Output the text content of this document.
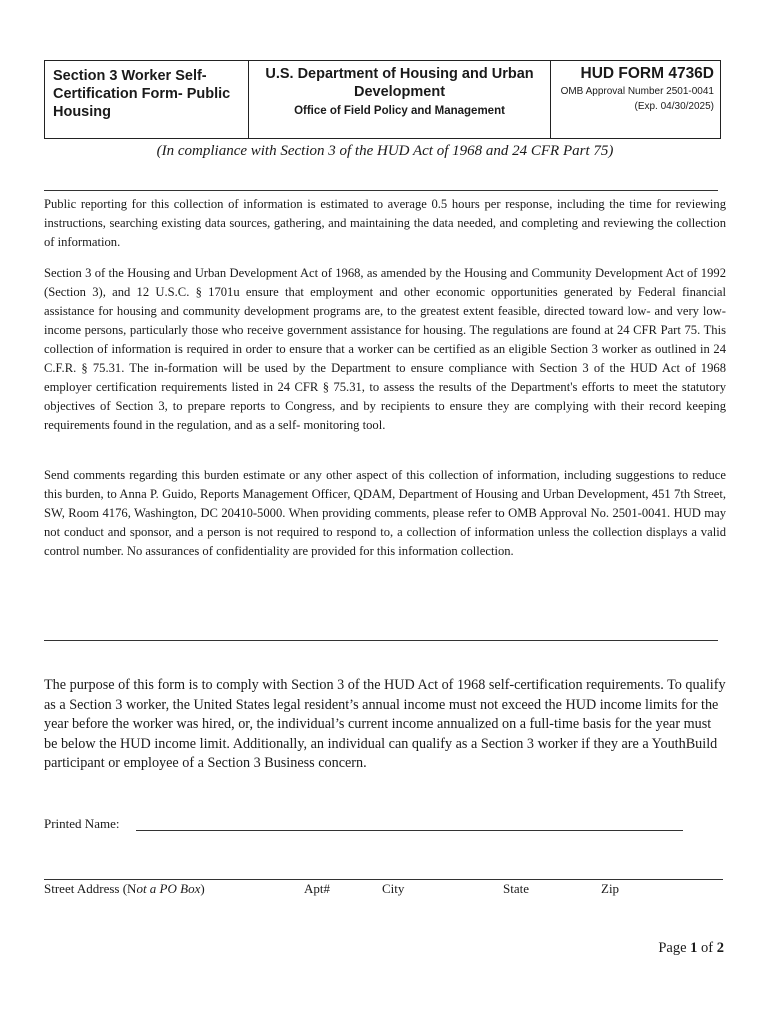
Section 3 Worker Self-Certification Form- Public Housing
U.S. Department of Housing and Urban Development
Office of Field Policy and Management
HUD FORM 4736D
OMB Approval Number 2501-0041
(Exp. 04/30/2025)
(In compliance with Section 3 of the HUD Act of 1968 and 24 CFR Part 75)

Public reporting for this collection of information is estimated to average 0.5 hours per response, including the time for reviewing instructions, searching existing data sources, gathering, and maintaining the data needed, and completing and reviewing the collection of information.

Section 3 of the Housing and Urban Development Act of 1968, as amended by the Housing and Community Development Act of 1992 (Section 3), and 12 U.S.C. § 1701u ensure that employment and other economic opportunities generated by Federal financial assistance for housing and community development programs are, to the greatest extent feasible, directed toward low- and very low-income persons, particularly those who receive government assistance for housing. The regulations are found at 24 CFR Part 75. This collection of information is required in order to ensure that a worker can be certified as an eligible Section 3 worker as outlined in 24 C.F.R. § 75.31. The in-formation will be used by the Department to ensure compliance with Section 3 of the HUD Act of 1968 employer certification requirements listed in 24 CFR § 75.31, to assess the results of the Department's efforts to meet the statutory objectives of Section 3, to prepare reports to Congress, and by recipients to ensure they are complying with their record keeping requirements found in the regulation, and as a self- monitoring tool.

Send comments regarding this burden estimate or any other aspect of this collection of information, including suggestions to reduce this burden, to Anna P. Guido, Reports Management Officer, QDAM, Department of Housing and Urban Development, 451 7th Street, SW, Room 4176, Washington, DC 20410-5000. When providing comments, please refer to OMB Approval No. 2501-0041. HUD may not conduct and sponsor, and a person is not required to respond to, a collection of information unless the collection displays a valid control number. No assurances of confidentiality are provided for this information collection.

The purpose of this form is to comply with Section 3 of the HUD Act of 1968 self-certification requirements. To qualify as a Section 3 worker, the United States legal resident’s annual income must not exceed the HUD income limits for the year before the worker was hired, or, the individual’s current income annualized on a full-time basis for the year must be below the HUD income limit. Additionally, an individual can qualify as a Section 3 worker if they are a YouthBuild participant or employee of a Section 3 Business concern.

Printed Name:
Street Address (Not a PO Box)	Apt#	City	State	Zip
Page 1 of 2
